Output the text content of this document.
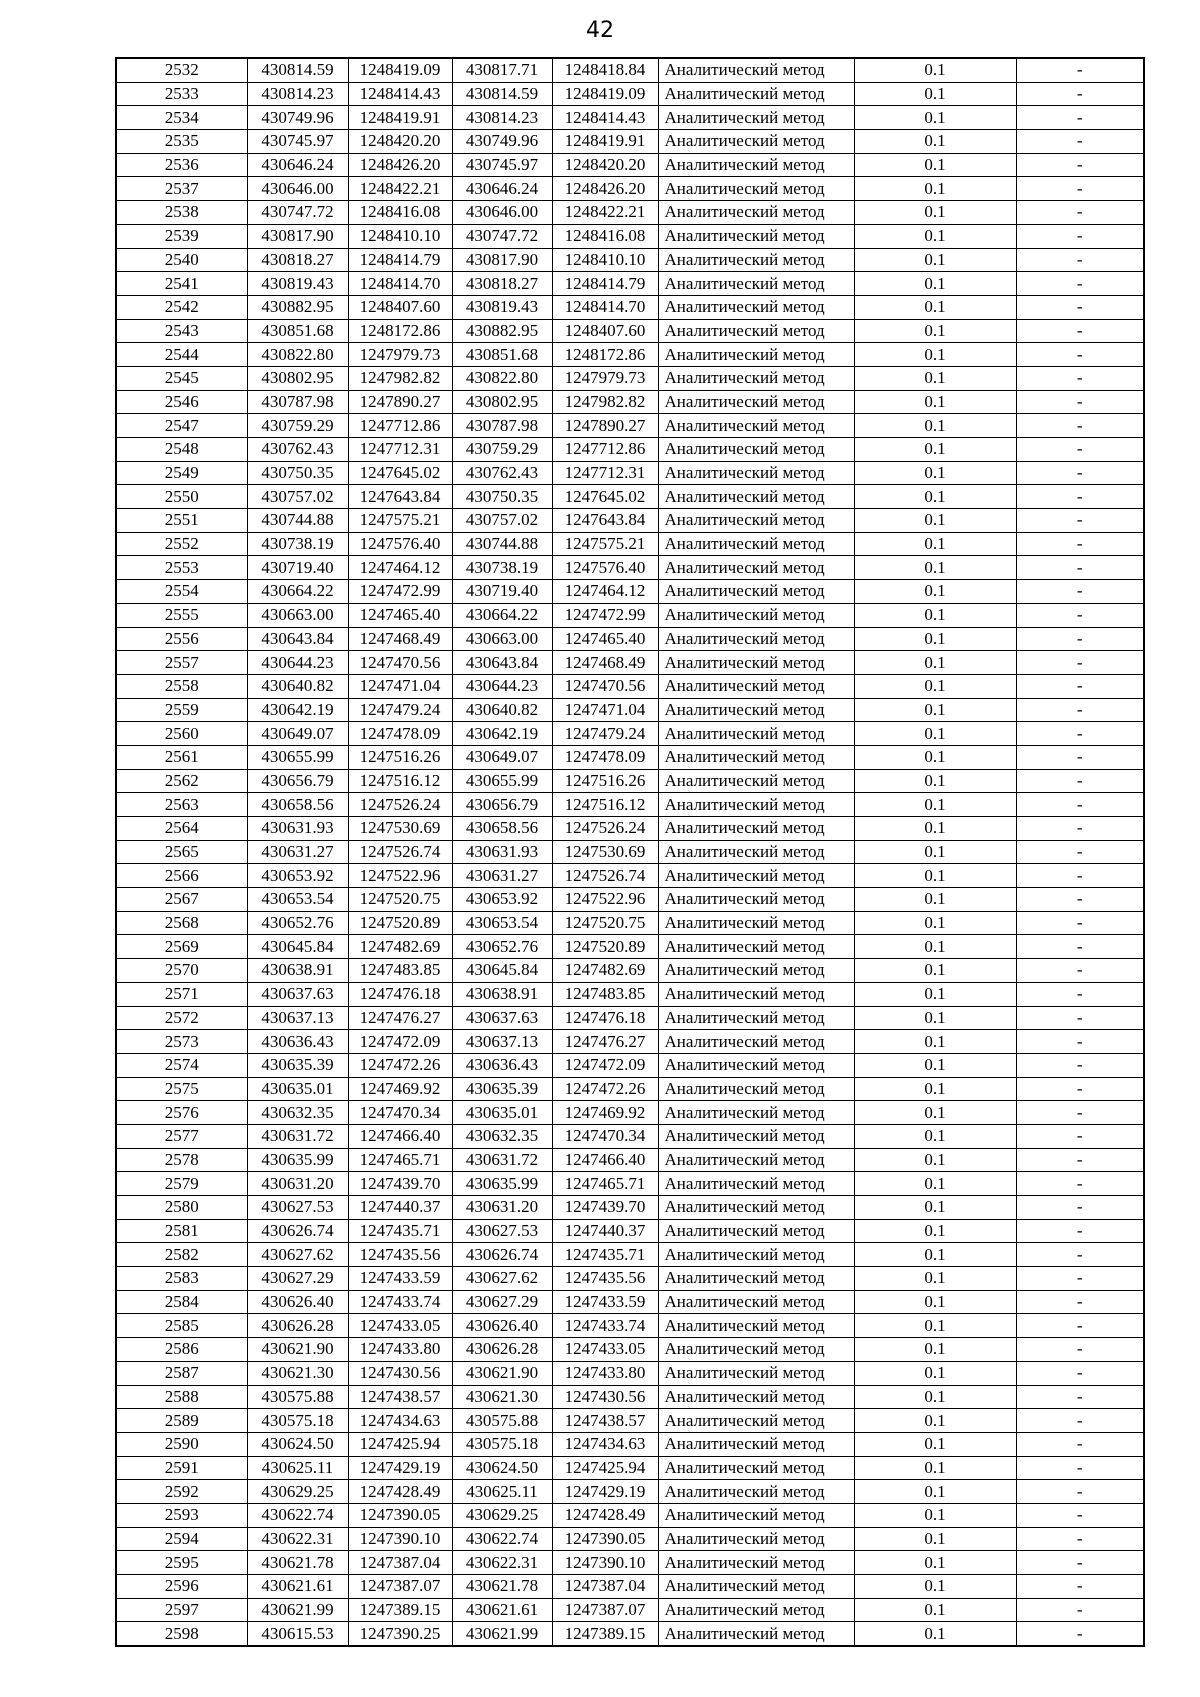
42
2532	430814.59	1248419.09	430817.71	1248418.84	Аналитический метод	0.1	-
2533	430814.23	1248414.43	430814.59	1248419.09	Аналитический метод	0.1	-
2534	430749.96	1248419.91	430814.23	1248414.43	Аналитический метод	0.1	-
2535	430745.97	1248420.20	430749.96	1248419.91	Аналитический метод	0.1	-
2536	430646.24	1248426.20	430745.97	1248420.20	Аналитический метод	0.1	-
2537	430646.00	1248422.21	430646.24	1248426.20	Аналитический метод	0.1	-
2538	430747.72	1248416.08	430646.00	1248422.21	Аналитический метод	0.1	-
2539	430817.90	1248410.10	430747.72	1248416.08	Аналитический метод	0.1	-
2540	430818.27	1248414.79	430817.90	1248410.10	Аналитический метод	0.1	-
2541	430819.43	1248414.70	430818.27	1248414.79	Аналитический метод	0.1	-
2542	430882.95	1248407.60	430819.43	1248414.70	Аналитический метод	0.1	-
2543	430851.68	1248172.86	430882.95	1248407.60	Аналитический метод	0.1	-
2544	430822.80	1247979.73	430851.68	1248172.86	Аналитический метод	0.1	-
2545	430802.95	1247982.82	430822.80	1247979.73	Аналитический метод	0.1	-
2546	430787.98	1247890.27	430802.95	1247982.82	Аналитический метод	0.1	-
2547	430759.29	1247712.86	430787.98	1247890.27	Аналитический метод	0.1	-
2548	430762.43	1247712.31	430759.29	1247712.86	Аналитический метод	0.1	-
2549	430750.35	1247645.02	430762.43	1247712.31	Аналитический метод	0.1	-
2550	430757.02	1247643.84	430750.35	1247645.02	Аналитический метод	0.1	-
2551	430744.88	1247575.21	430757.02	1247643.84	Аналитический метод	0.1	-
2552	430738.19	1247576.40	430744.88	1247575.21	Аналитический метод	0.1	-
2553	430719.40	1247464.12	430738.19	1247576.40	Аналитический метод	0.1	-
2554	430664.22	1247472.99	430719.40	1247464.12	Аналитический метод	0.1	-
2555	430663.00	1247465.40	430664.22	1247472.99	Аналитический метод	0.1	-
2556	430643.84	1247468.49	430663.00	1247465.40	Аналитический метод	0.1	-
2557	430644.23	1247470.56	430643.84	1247468.49	Аналитический метод	0.1	-
2558	430640.82	1247471.04	430644.23	1247470.56	Аналитический метод	0.1	-
2559	430642.19	1247479.24	430640.82	1247471.04	Аналитический метод	0.1	-
2560	430649.07	1247478.09	430642.19	1247479.24	Аналитический метод	0.1	-
2561	430655.99	1247516.26	430649.07	1247478.09	Аналитический метод	0.1	-
2562	430656.79	1247516.12	430655.99	1247516.26	Аналитический метод	0.1	-
2563	430658.56	1247526.24	430656.79	1247516.12	Аналитический метод	0.1	-
2564	430631.93	1247530.69	430658.56	1247526.24	Аналитический метод	0.1	-
2565	430631.27	1247526.74	430631.93	1247530.69	Аналитический метод	0.1	-
2566	430653.92	1247522.96	430631.27	1247526.74	Аналитический метод	0.1	-
2567	430653.54	1247520.75	430653.92	1247522.96	Аналитический метод	0.1	-
2568	430652.76	1247520.89	430653.54	1247520.75	Аналитический метод	0.1	-
2569	430645.84	1247482.69	430652.76	1247520.89	Аналитический метод	0.1	-
2570	430638.91	1247483.85	430645.84	1247482.69	Аналитический метод	0.1	-
2571	430637.63	1247476.18	430638.91	1247483.85	Аналитический метод	0.1	-
2572	430637.13	1247476.27	430637.63	1247476.18	Аналитический метод	0.1	-
2573	430636.43	1247472.09	430637.13	1247476.27	Аналитический метод	0.1	-
2574	430635.39	1247472.26	430636.43	1247472.09	Аналитический метод	0.1	-
2575	430635.01	1247469.92	430635.39	1247472.26	Аналитический метод	0.1	-
2576	430632.35	1247470.34	430635.01	1247469.92	Аналитический метод	0.1	-
2577	430631.72	1247466.40	430632.35	1247470.34	Аналитический метод	0.1	-
2578	430635.99	1247465.71	430631.72	1247466.40	Аналитический метод	0.1	-
2579	430631.20	1247439.70	430635.99	1247465.71	Аналитический метод	0.1	-
2580	430627.53	1247440.37	430631.20	1247439.70	Аналитический метод	0.1	-
2581	430626.74	1247435.71	430627.53	1247440.37	Аналитический метод	0.1	-
2582	430627.62	1247435.56	430626.74	1247435.71	Аналитический метод	0.1	-
2583	430627.29	1247433.59	430627.62	1247435.56	Аналитический метод	0.1	-
2584	430626.40	1247433.74	430627.29	1247433.59	Аналитический метод	0.1	-
2585	430626.28	1247433.05	430626.40	1247433.74	Аналитический метод	0.1	-
2586	430621.90	1247433.80	430626.28	1247433.05	Аналитический метод	0.1	-
2587	430621.30	1247430.56	430621.90	1247433.80	Аналитический метод	0.1	-
2588	430575.88	1247438.57	430621.30	1247430.56	Аналитический метод	0.1	-
2589	430575.18	1247434.63	430575.88	1247438.57	Аналитический метод	0.1	-
2590	430624.50	1247425.94	430575.18	1247434.63	Аналитический метод	0.1	-
2591	430625.11	1247429.19	430624.50	1247425.94	Аналитический метод	0.1	-
2592	430629.25	1247428.49	430625.11	1247429.19	Аналитический метод	0.1	-
2593	430622.74	1247390.05	430629.25	1247428.49	Аналитический метод	0.1	-
2594	430622.31	1247390.10	430622.74	1247390.05	Аналитический метод	0.1	-
2595	430621.78	1247387.04	430622.31	1247390.10	Аналитический метод	0.1	-
2596	430621.61	1247387.07	430621.78	1247387.04	Аналитический метод	0.1	-
2597	430621.99	1247389.15	430621.61	1247387.07	Аналитический метод	0.1	-
2598	430615.53	1247390.25	430621.99	1247389.15	Аналитический метод	0.1	-
